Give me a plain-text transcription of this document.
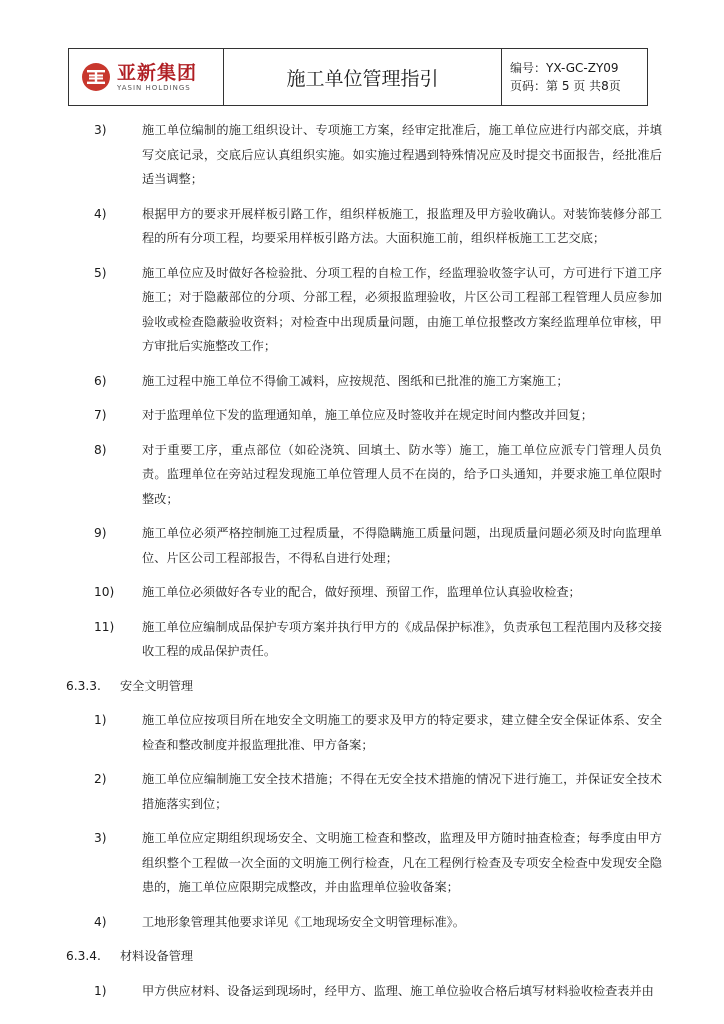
亚新集团
YASIN HOLDINGS	施工单位管理指引	编号：YX-GC-ZY09
页码：第 5 页 共8页
3)	施工单位编制的施工组织设计、专项施工方案，经审定批准后，施工单位应进行内部交底，并填写交底记录，交底后应认真组织实施。如实施过程遇到特殊情况应及时提交书面报告，经批准后适当调整；
4)	根据甲方的要求开展样板引路工作，组织样板施工，报监理及甲方验收确认。对装饰装修分部工程的所有分项工程，均要采用样板引路方法。大面积施工前，组织样板施工工艺交底；
5)	施工单位应及时做好各检验批、分项工程的自检工作，经监理验收签字认可，方可进行下道工序施工；对于隐蔽部位的分项、分部工程，必须报监理验收，片区公司工程部工程管理人员应参加验收或检查隐蔽验收资料；对检查中出现质量问题，由施工单位报整改方案经监理单位审核，甲方审批后实施整改工作；
6)	施工过程中施工单位不得偷工减料，应按规范、图纸和已批准的施工方案施工；
7)	对于监理单位下发的监理通知单，施工单位应及时签收并在规定时间内整改并回复；
8)	对于重要工序，重点部位（如砼浇筑、回填土、防水等）施工，施工单位应派专门管理人员负责。监理单位在旁站过程发现施工单位管理人员不在岗的，给予口头通知，并要求施工单位限时整改；
9)	施工单位必须严格控制施工过程质量，不得隐瞒施工质量问题，出现质量问题必须及时向监理单位、片区公司工程部报告，不得私自进行处理；
10)	施工单位必须做好各专业的配合，做好预埋、预留工作，监理单位认真验收检查；
11)	施工单位应编制成品保护专项方案并执行甲方的《成品保护标准》，负责承包工程范围内及移交接收工程的成品保护责任。
6.3.3.	安全文明管理
1)	施工单位应按项目所在地安全文明施工的要求及甲方的特定要求，建立健全安全保证体系、安全检查和整改制度并报监理批准、甲方备案；
2)	施工单位应编制施工安全技术措施；不得在无安全技术措施的情况下进行施工，并保证安全技术措施落实到位；
3)	施工单位应定期组织现场安全、文明施工检查和整改，监理及甲方随时抽查检查；每季度由甲方组织整个工程做一次全面的文明施工例行检查，凡在工程例行检查及专项安全检查中发现安全隐患的，施工单位应限期完成整改，并由监理单位验收备案；
4)	工地形象管理其他要求详见《工地现场安全文明管理标准》。
6.3.4.	材料设备管理
1)	甲方供应材料、设备运到现场时，经甲方、监理、施工单位验收合格后填写材料验收检查表并由
